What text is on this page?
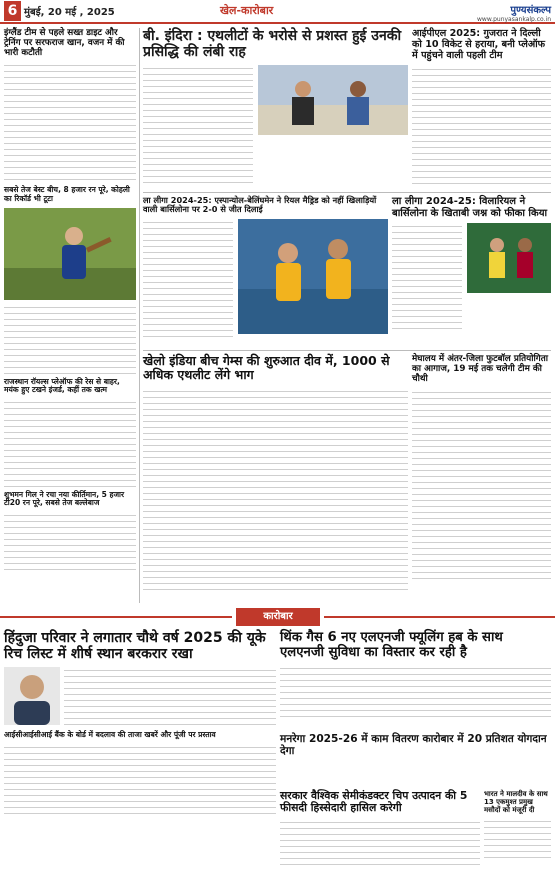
6 मुंबई, 20 मई , 2025	खेल-कारोबार	पुण्यसंकल्प
www.punyasankalp.co.in
इंग्लैंड टीम से पहले सख्त डाइट और ट्रेनिंग पर सरफराज खान, वजन में की भारी कटौती
सबसे तेज बेस्ट बीच, 8 हजार रन पूरे, कोहली का रिकॉर्ड भी टूटा
राजस्थान रॉयल्स प्लेऑफ की रेस से बाहर, मयंक हुए टखने इंजर्ड, कहीं तक खत्म
शुभमन गिल ने रचा नया कीर्तिमान, 5 हजार टी20 रन पूरे, सबसे तेज बल्लेबाज
बी. इंदिरा : एथलीटों के भरोसे से प्रशस्त हुई उनकी प्रसिद्धि की लंबी राह
आईपीएल 2025: गुजरात ने दिल्ली को 10 विकेट से हराया, बनी प्लेऑफ में पहुंचने वाली पहली टीम
ला लीगा 2024-25: एस्पान्योल-बेलिंघमेन ने रियल मैड्रिड को नहीं खिलाड़ियों वाली बार्सिलोना पर 2-0 से जीत दिलाई
ला लीगा 2024-25: विलारियल ने बार्सिलोना के खिताबी जश्न को फीका किया
खेलो इंडिया बीच गेम्स की शुरुआत दीव में, 1000 से अधिक एथलीट लेंगे भाग
मेघालय में अंतर-जिला फुटबॉल प्रतियोगिता का आगाज, 19 मई तक चलेगी टीम की चौथी
कारोबार
हिंदुजा परिवार ने लगातार चौथे वर्ष 2025 की यूके रिच लिस्ट में शीर्ष स्थान बरकरार रखा
आईसीआईसीआई बैंक के बोर्ड में बदलाव की ताजा खबरें और पूंजी पर प्रस्ताव
थिंक गैस 6 नए एलएनजी फ्यूलिंग हब के साथ एलएनजी सुविधा का विस्तार कर रही है
मनरेगा 2025-26 में काम वितरण कारोबार में 20 प्रतिशत योगदान देगा
सरकार वैश्विक सेमीकंडक्टर चिप उत्पादन की 5 फीसदी हिस्सेदारी हासिल करेगी
भारत ने मालदीव के साथ 13 एकमुश्त प्रमुख मसौदों को मंजूरी दी
